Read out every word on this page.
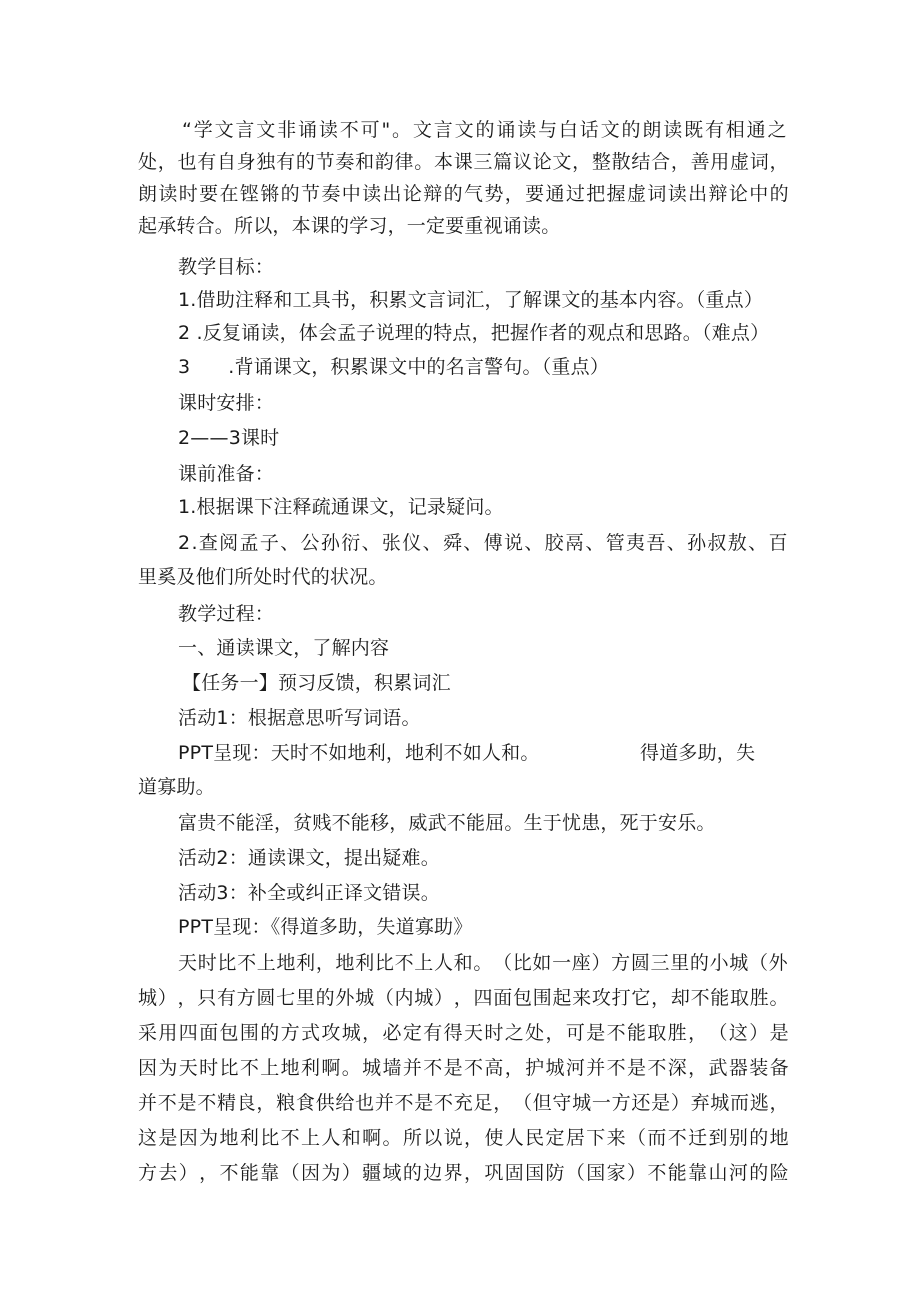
“ 学 文 言 文 非 诵 读 不 可 " 。 文 言 文 的 诵 读 与 白 话 文 的 朗 读 既 有 相 通 之
处 ， 也 有 自 身 独 有 的 节 奏 和 韵 律 。 本 课 三 篇 议 论 文 ， 整 散 结 合 ， 善 用 虚 词 ，
朗 读 时 要 在 铿 锵 的 节 奏 中 读 出 论 辩 的 气 势 ， 要 通 过 把 握 虚 词 读 出 辩 论 中 的
起承转合。所以，本课的学习，一定要重视诵读。
教学目标：
1.借助注释和工具书，积累文言词汇，了解课文的基本内容。（重点）
2 .反复诵读，体会孟子说理的特点，把握作者的观点和思路。（难点）
3 .背诵课文，积累课文中的名言警句。（重点）
课时安排：
2——3课时
课前准备：
1.根据课下注释疏通课文，记录疑问。
2 . 查 阅 孟 子 、 公 孙 衍 、 张 仪 、 舜 、 傅 说 、 胶 鬲 、 管 夷 吾 、 孙 叔 敖 、 百
里奚及他们所处时代的状况。
教学过程：
一、通读课文，了解内容
【任务一】预习反馈，积累词汇
活动1：根据意思听写词语。
PPT呈现：天时不如地利，地利不如人和。	得道多助，失
道寡助。
富贵不能淫，贫贱不能移，威武不能屈。生于忧患，死于安乐。
活动2：通读课文，提出疑难。
活动3：补全或纠正译文错误。
PPT呈现：《得道多助，失道寡助》
天 时 比 不 上 地 利 ， 地 利 比 不 上 人 和 。 （ 比 如 一 座 ） 方 圆 三 里 的 小 城 （ 外
城 ） ， 只 有 方 圆 七 里 的 外 城 （ 内 城 ） ， 四 面 包 围 起 来 攻 打 它 ， 却 不 能 取 胜 。
采 用 四 面 包 围 的 方 式 攻 城 ， 必 定 有 得 天 时 之 处 ， 可 是 不 能 取 胜 ， （ 这 ） 是
因 为 天 时 比 不 上 地 利 啊 。 城 墙 并 不 是 不 高 ， 护 城 河 并 不 是 不 深 ， 武 器 装 备
并 不 是 不 精 良 ， 粮 食 供 给 也 并 不 是 不 充 足 ， （ 但 守 城 一 方 还 是 ） 弃 城 而 逃 ，
这 是 因 为 地 利 比 不 上 人 和 啊 。 所 以 说 ， 使 人 民 定 居 下 来 （ 而 不 迁 到 别 的 地
方 去 ） ， 不 能 靠 （ 因 为 ） 疆 域 的 边 界 ， 巩 固 国 防 （ 国 家 ） 不 能 靠 山 河 的 险
